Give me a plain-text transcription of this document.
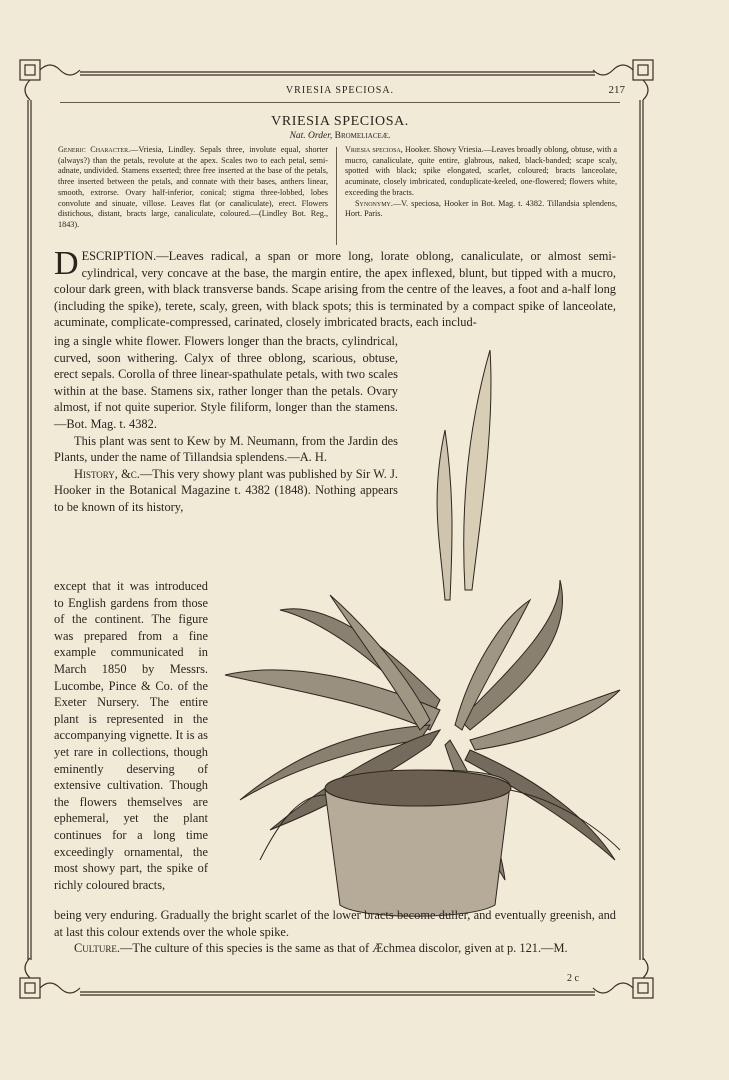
VRIESIA SPECIOSA.	217
VRIESIA SPECIOSA.
Nat. Order, Bromeliaceæ.
Generic Character.—Vriesia, Lindley. Sepals three, involute equal, shorter (always?) than the petals, revolute at the apex. Scales two to each petal, semi-adnate, undivided. Stamens exserted; three free inserted at the base of the petals, three inserted between the petals, and connate with their bases, anthers linear, smooth, extrorse. Ovary half-inferior, conical; stigma three-lobbed, lobes convolute and sinuate, villose. Leaves flat (or canaliculate), erect. Flowers distichous, distant, bracts large, canaliculate, coloured.—(Lindley Bot. Reg., 1843).
Vriesia speciosa, Hooker. Showy Vriesia.—Leaves broadly oblong, obtuse, with a mucro, canaliculate, quite entire, glabrous, naked, black-banded; scape scaly, spotted with black; spike elongated, scarlet, coloured; bracts lanceolate, acuminate, closely imbricated, conduplicate-keeled, one-flowered; flowers white, exceeding the bracts.
Synonymy.—V. speciosa, Hooker in Bot. Mag. t. 4382. Tillandsia splendens, Hort. Paris.
DESCRIPTION.—Leaves radical, a span or more long, lorate oblong, canaliculate, or almost semi-cylindrical, very concave at the base, the margin entire, the apex inflexed, blunt, but tipped with a mucro, colour dark green, with black transverse bands. Scape arising from the centre of the leaves, a foot and a-half long (including the spike), terete, scaly, green, with black spots; this is terminated by a compact spike of lanceolate, acuminate, complicate-compressed, carinated, closely imbricated bracts, each includ-
ing a single white flower. Flowers longer than the bracts, cylindrical, curved, soon withering. Calyx of three oblong, scarious, obtuse, erect sepals. Corolla of three linear-spathulate petals, with two scales within at the base. Stamens six, rather longer than the petals. Ovary almost, if not quite superior. Style filiform, longer than the stamens.—Bot. Mag. t. 4382.
This plant was sent to Kew by M. Neumann, from the Jardin des Plants, under the name of Tillandsia splendens.—A. H.
History, &c.—This very showy plant was published by Sir W. J. Hooker in the Botanical Magazine t. 4382 (1848). Nothing appears to be known of its history,
except that it was introduced to English gardens from those of the continent. The figure was prepared from a fine example communicated in March 1850 by Messrs. Lucombe, Pince & Co. of the Exeter Nursery. The entire plant is represented in the accompanying vignette. It is as yet rare in collections, though eminently deserving of extensive cultivation. Though the flowers themselves are ephemeral, yet the plant continues for a long time exceedingly ornamental, the most showy part, the spike of richly coloured bracts,
being very enduring. Gradually the bright scarlet of the lower bracts become duller, and eventually greenish, and at last this colour extends over the whole spike.
Culture.—The culture of this species is the same as that of Æchmea discolor, given at p. 121.—M.
2 c
